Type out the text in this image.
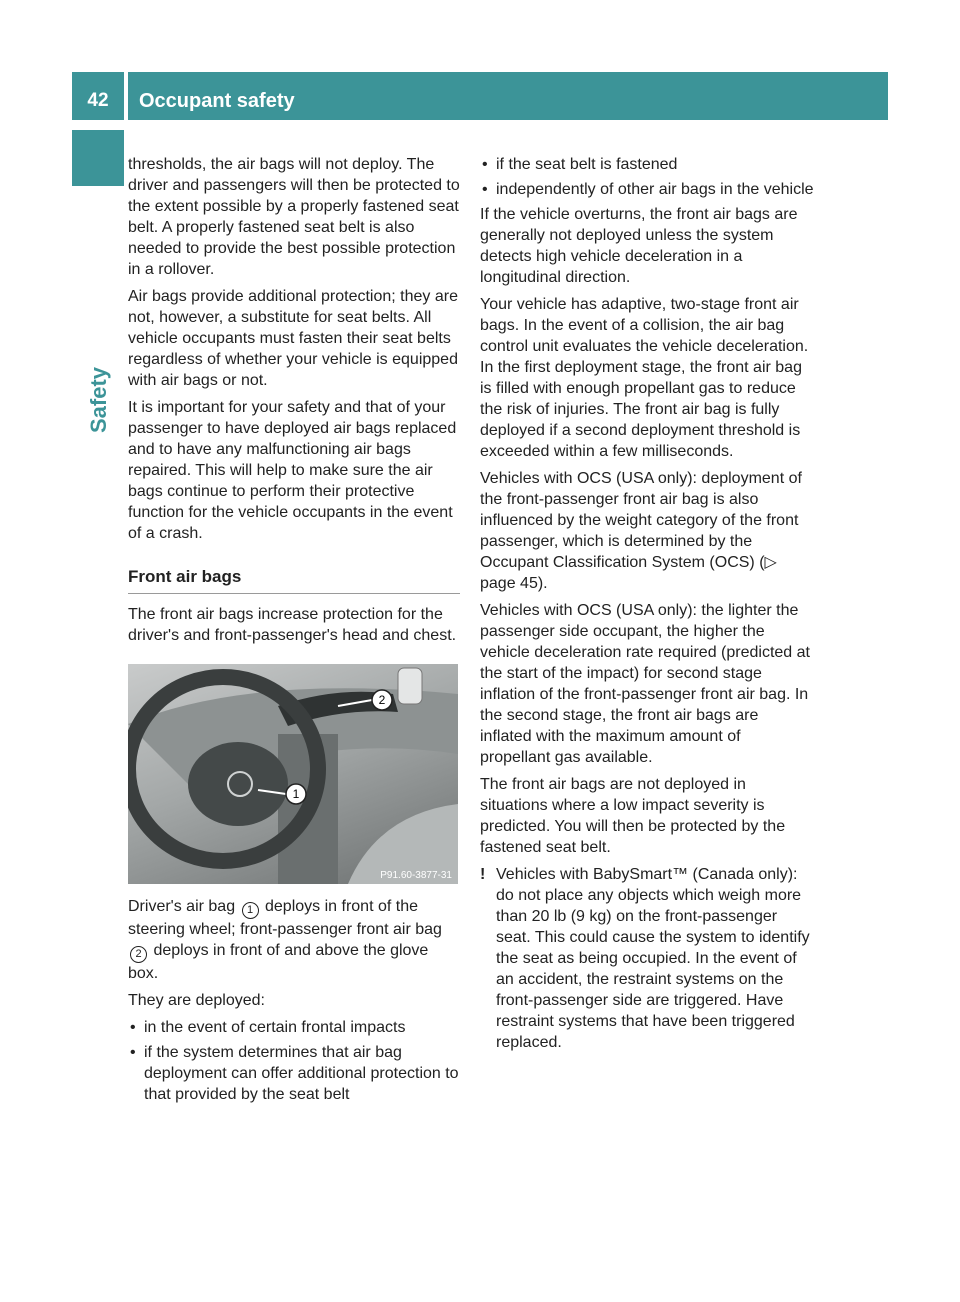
42	Occupant safety
Safety

thresholds, the air bags will not deploy. The driver and passengers will then be protected to the extent possible by a properly fastened seat belt. A properly fastened seat belt is also needed to provide the best possible protection in a rollover.

Air bags provide additional protection; they are not, however, a substitute for seat belts. All vehicle occupants must fasten their seat belts regardless of whether your vehicle is equipped with air bags or not.

It is important for your safety and that of your passenger to have deployed air bags replaced and to have any malfunctioning air bags repaired. This will help to make sure the air bags continue to perform their protective function for the vehicle occupants in the event of a crash.

Front air bags

The front air bags increase protection for the driver's and front-passenger's head and chest.

2
1
P91.60-3877-31

Driver's air bag 1 deploys in front of the steering wheel; front-passenger front air bag 2 deploys in front of and above the glove box.

They are deployed:

• in the event of certain frontal impacts
• if the system determines that air bag deployment can offer additional protection to that provided by the seat belt
• if the seat belt is fastened
• independently of other air bags in the vehicle

If the vehicle overturns, the front air bags are generally not deployed unless the system detects high vehicle deceleration in a longitudinal direction.

Your vehicle has adaptive, two-stage front air bags. In the event of a collision, the air bag control unit evaluates the vehicle deceleration. In the first deployment stage, the front air bag is filled with enough propellant gas to reduce the risk of injuries. The front air bag is fully deployed if a second deployment threshold is exceeded within a few milliseconds.

Vehicles with OCS (USA only): deployment of the front-passenger front air bag is also influenced by the weight category of the front passenger, which is determined by the Occupant Classification System (OCS) (▷ page 45).

Vehicles with OCS (USA only): the lighter the passenger side occupant, the higher the vehicle deceleration rate required (predicted at the start of the impact) for second stage inflation of the front-passenger front air bag. In the second stage, the front air bags are inflated with the maximum amount of propellant gas available.

The front air bags are not deployed in situations where a low impact severity is predicted. You will then be protected by the fastened seat belt.

! Vehicles with BabySmart™ (Canada only): do not place any objects which weigh more than 20 lb (9 kg) on the front-passenger seat. This could cause the system to identify the seat as being occupied. In the event of an accident, the restraint systems on the front-passenger side are triggered. Have restraint systems that have been triggered replaced.
